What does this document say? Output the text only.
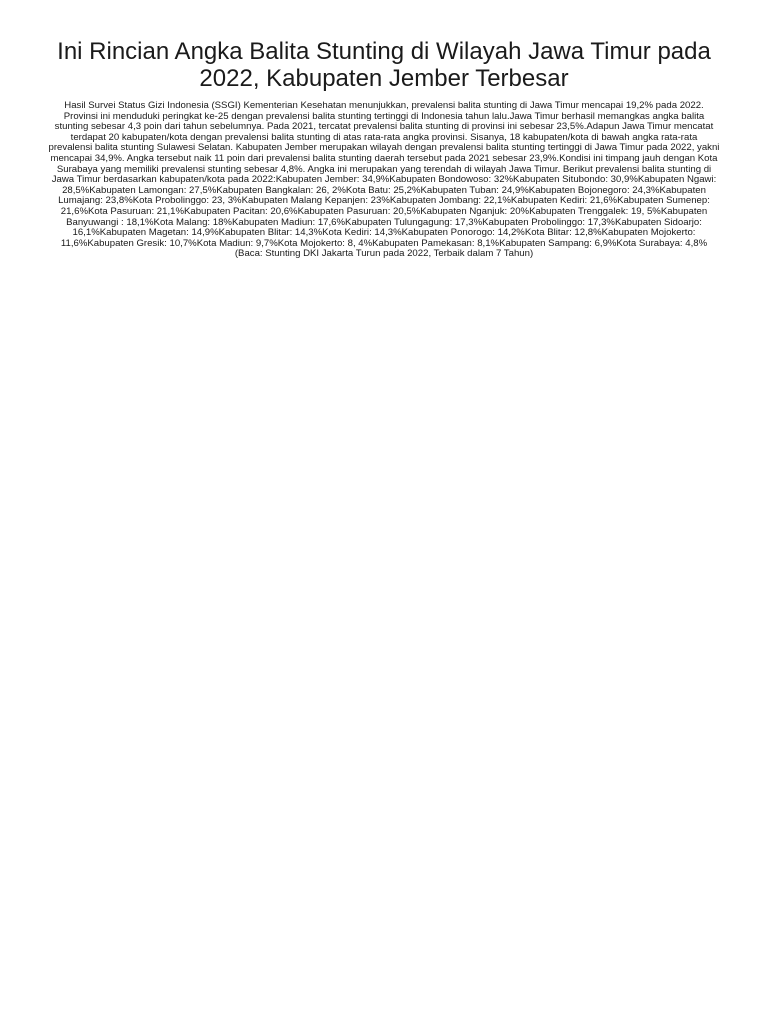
Ini Rincian Angka Balita Stunting di Wilayah Jawa Timur pada 2022, Kabupaten Jember Terbesar

Hasil Survei Status Gizi Indonesia (SSGI) Kementerian Kesehatan menunjukkan, prevalensi balita stunting di Jawa Timur mencapai 19,2% pada 2022. Provinsi ini menduduki peringkat ke-25 dengan prevalensi balita stunting tertinggi di Indonesia tahun lalu.Jawa Timur berhasil memangkas angka balita stunting sebesar 4,3 poin dari tahun sebelumnya. Pada 2021, tercatat prevalensi balita stunting di provinsi ini sebesar 23,5%.Adapun Jawa Timur mencatat terdapat 20 kabupaten/kota dengan prevalensi balita stunting di atas rata-rata angka provinsi. Sisanya, 18 kabupaten/kota di bawah angka rata-rata prevalensi balita stunting Sulawesi Selatan. Kabupaten Jember merupakan wilayah dengan prevalensi balita stunting tertinggi di Jawa Timur pada 2022, yakni mencapai 34,9%. Angka tersebut naik 11 poin dari prevalensi balita stunting daerah tersebut pada 2021 sebesar 23,9%.Kondisi ini timpang jauh dengan Kota Surabaya yang memiliki prevalensi stunting sebesar 4,8%. Angka ini merupakan yang terendah di wilayah Jawa Timur. Berikut prevalensi balita stunting di Jawa Timur berdasarkan kabupaten/kota pada 2022:Kabupaten Jember: 34,9%Kabupaten Bondowoso: 32%Kabupaten Situbondo: 30,9%Kabupaten Ngawi: 28,5%Kabupaten Lamongan: 27,5%Kabupaten Bangkalan: 26, 2%Kota Batu: 25,2%Kabupaten Tuban: 24,9%Kabupaten Bojonegoro: 24,3%Kabupaten Lumajang: 23,8%Kota Probolinggo: 23, 3%Kabupaten Malang Kepanjen: 23%Kabupaten Jombang: 22,1%Kabupaten Kediri: 21,6%Kabupaten Sumenep: 21,6%Kota Pasuruan: 21,1%Kabupaten Pacitan: 20,6%Kabupaten Pasuruan: 20,5%Kabupaten Nganjuk: 20%Kabupaten Trenggalek: 19, 5%Kabupaten Banyuwangi : 18,1%Kota Malang: 18%Kabupaten Madiun: 17,6%Kabupaten Tulungagung: 17,3%Kabupaten Probolinggo: 17,3%Kabupaten Sidoarjo: 16,1%Kabupaten Magetan: 14,9%Kabupaten Blitar: 14,3%Kota Kediri: 14,3%Kabupaten Ponorogo: 14,2%Kota Blitar: 12,8%Kabupaten Mojokerto: 11,6%Kabupaten Gresik: 10,7%Kota Madiun: 9,7%Kota Mojokerto: 8, 4%Kabupaten Pamekasan: 8,1%Kabupaten Sampang: 6,9%Kota Surabaya: 4,8%(Baca: Stunting DKI Jakarta Turun pada 2022, Terbaik dalam 7 Tahun)
